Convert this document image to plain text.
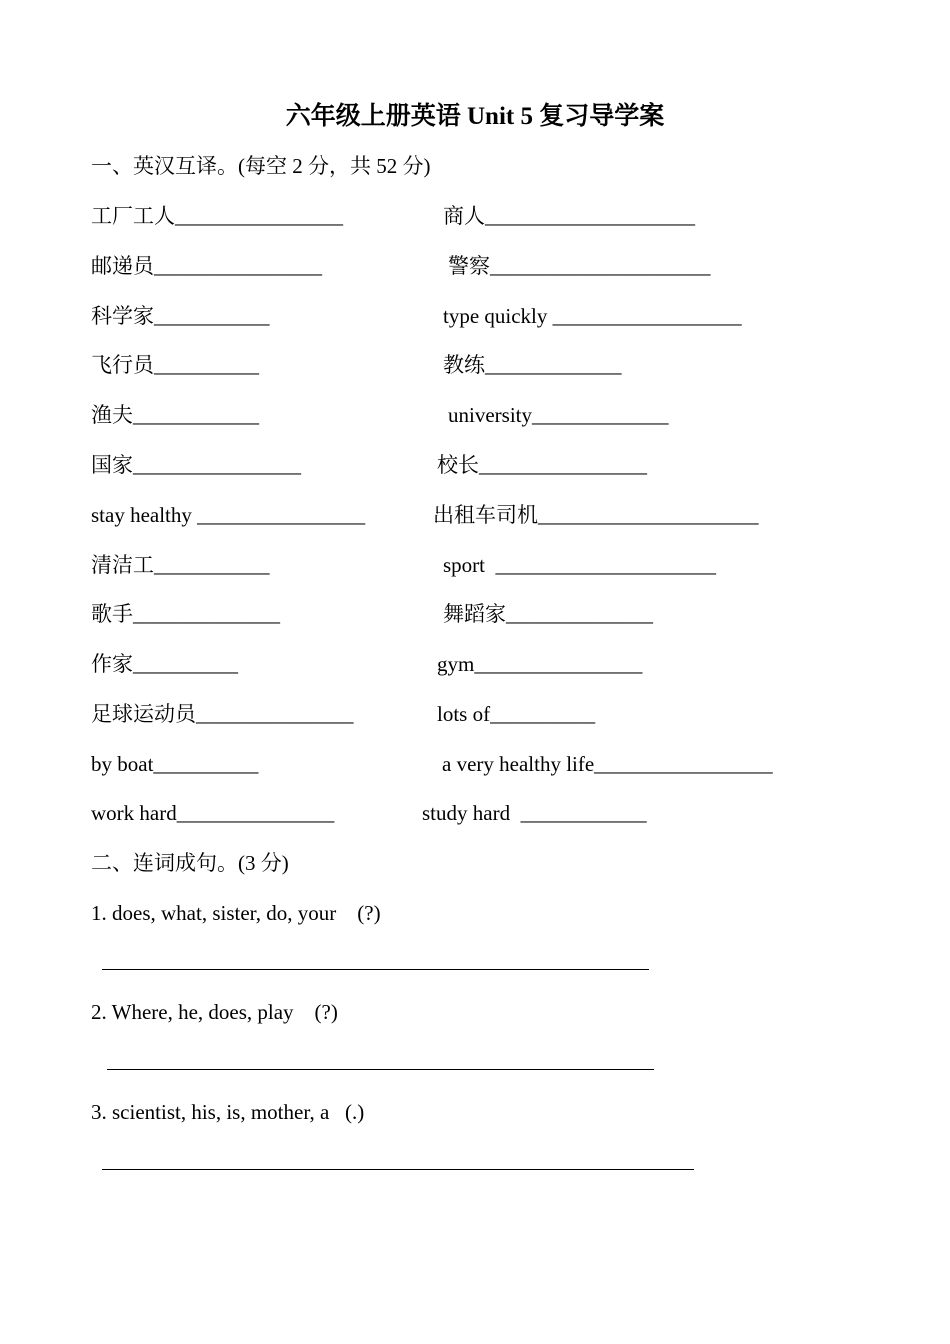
六年级上册英语 Unit 5 复习导学案
一、英汉互译。(每空 2 分，共 52 分)
工厂工人________________	商人____________________
邮递员________________	警察_____________________
科学家___________	type quickly __________________
飞行员__________	教练_____________
渔夫____________	university_____________
国家________________	校长________________
stay healthy ________________	出租车司机_____________________
清洁工___________	sport  _____________________
歌手______________	舞蹈家______________
作家__________	gym________________
足球运动员_______________	lots of__________
by boat__________	a very healthy life_________________
work hard_______________	study hard  ____________
二、连词成句。(3 分)
1. does, what, sister, do, your    (?)
2. Where, he, does, play    (?)
3. scientist, his, is, mother, a   (.)
